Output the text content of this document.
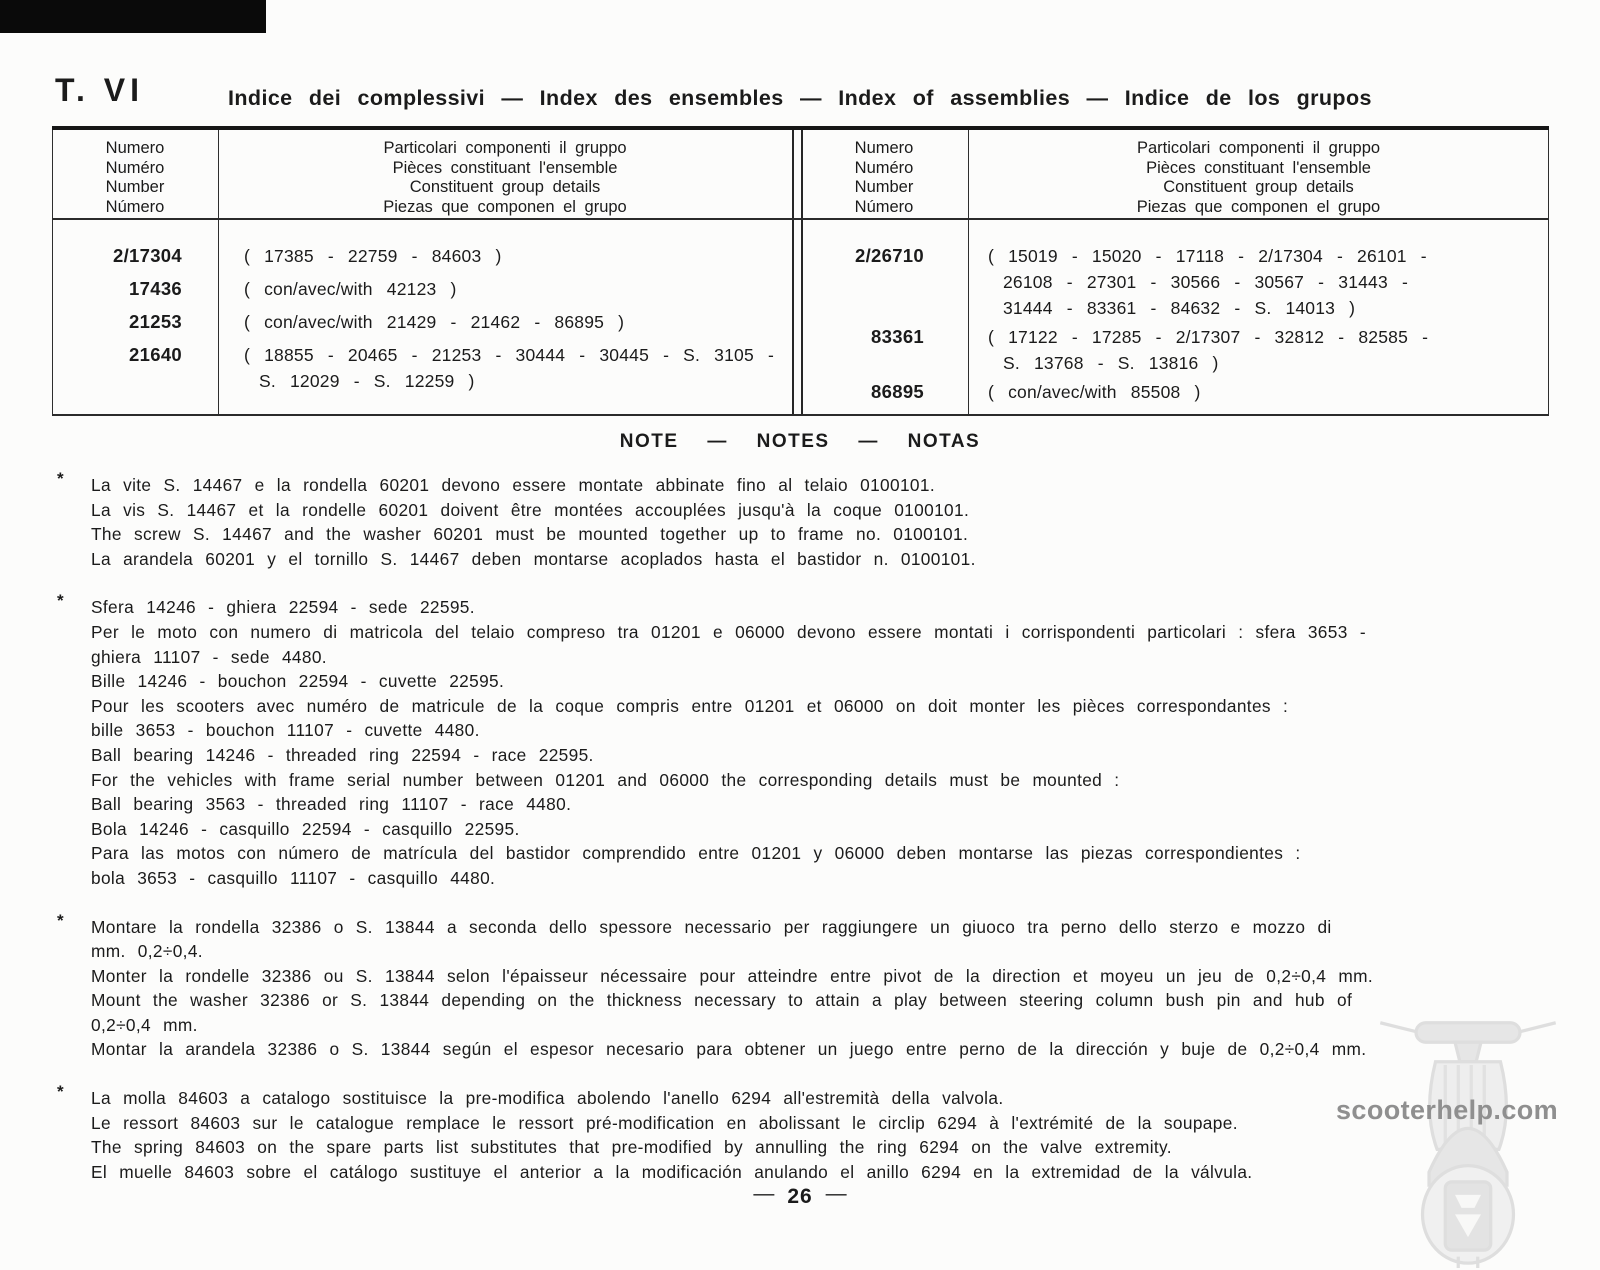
T. VI	Indice dei complessivi — Index des ensembles — Index of assemblies — Indice de los grupos
Numero
Numéro
Number
Número
Particolari componenti il gruppo
Pièces constituant l'ensemble
Constituent group details
Piezas que componen el grupo
Numero
Numéro
Number
Número
Particolari componenti il gruppo
Pièces constituant l'ensemble
Constituent group details
Piezas que componen el grupo
2/17304	( 17385 - 22759 - 84603 )
17436	( con/avec/with 42123 )
21253	( con/avec/with 21429 - 21462 - 86895 )
21640	( 18855 - 20465 - 21253 - 30444 - 30445 - S. 3105 -
S. 12029 - S. 12259 )
2/26710	( 15019 - 15020 - 17118 - 2/17304 - 26101 -
26108 - 27301 - 30566 - 30567 - 31443 -
31444 - 83361 - 84632 - S. 14013 )
83361	( 17122 - 17285 - 2/17307 - 32812 - 82585 -
S. 13768 - S. 13816 )
86895	( con/avec/with 85508 )
NOTE — NOTES — NOTAS
* La vite S. 14467 e la rondella 60201 devono essere montate abbinate fino al telaio 0100101.
La vis S. 14467 et la rondelle 60201 doivent être montées accouplées jusqu'à la coque 0100101.
The screw S. 14467 and the washer 60201 must be mounted together up to frame no. 0100101.
La arandela 60201 y el tornillo S. 14467 deben montarse acoplados hasta el bastidor n. 0100101.
* Sfera 14246 - ghiera 22594 - sede 22595.
Per le moto con numero di matricola del telaio compreso tra 01201 e 06000 devono essere montati i corrispondenti particolari : sfera 3653 -
ghiera 11107 - sede 4480.
Bille 14246 - bouchon 22594 - cuvette 22595.
Pour les scooters avec numéro de matricule de la coque compris entre 01201 et 06000 on doit monter les pièces correspondantes :
bille 3653 - bouchon 11107 - cuvette 4480.
Ball bearing 14246 - threaded ring 22594 - race 22595.
For the vehicles with frame serial number between 01201 and 06000 the corresponding details must be mounted :
Ball bearing 3563 - threaded ring 11107 - race 4480.
Bola 14246 - casquillo 22594 - casquillo 22595.
Para las motos con número de matrícula del bastidor comprendido entre 01201 y 06000 deben montarse las piezas correspondientes :
bola 3653 - casquillo 11107 - casquillo 4480.
* Montare la rondella 32386 o S. 13844 a seconda dello spessore necessario per raggiungere un giuoco tra perno dello sterzo e mozzo di
mm. 0,2÷0,4.
Monter la rondelle 32386 ou S. 13844 selon l'épaisseur nécessaire pour atteindre entre pivot de la direction et moyeu un jeu de 0,2÷0,4 mm.
Mount the washer 32386 or S. 13844 depending on the thickness necessary to attain a play between steering column bush pin and hub of
0,2÷0,4 mm.
Montar la arandela 32386 o S. 13844 según el espesor necesario para obtener un juego entre perno de la dirección y buje de 0,2÷0,4 mm.
* La molla 84603 a catalogo sostituisce la pre-modifica abolendo l'anello 6294 all'estremità della valvola.
Le ressort 84603 sur le catalogue remplace le ressort pré-modification en abolissant le circlip 6294 à l'extrémité de la soupape.
The spring 84603 on the spare parts list substitutes that pre-modified by annulling the ring 6294 on the valve extremity.
El muelle 84603 sobre el catálogo sustituye el anterior a la modificación anulando el anillo 6294 en la extremidad de la válvula.
scooterhelp.com
— 26 —
